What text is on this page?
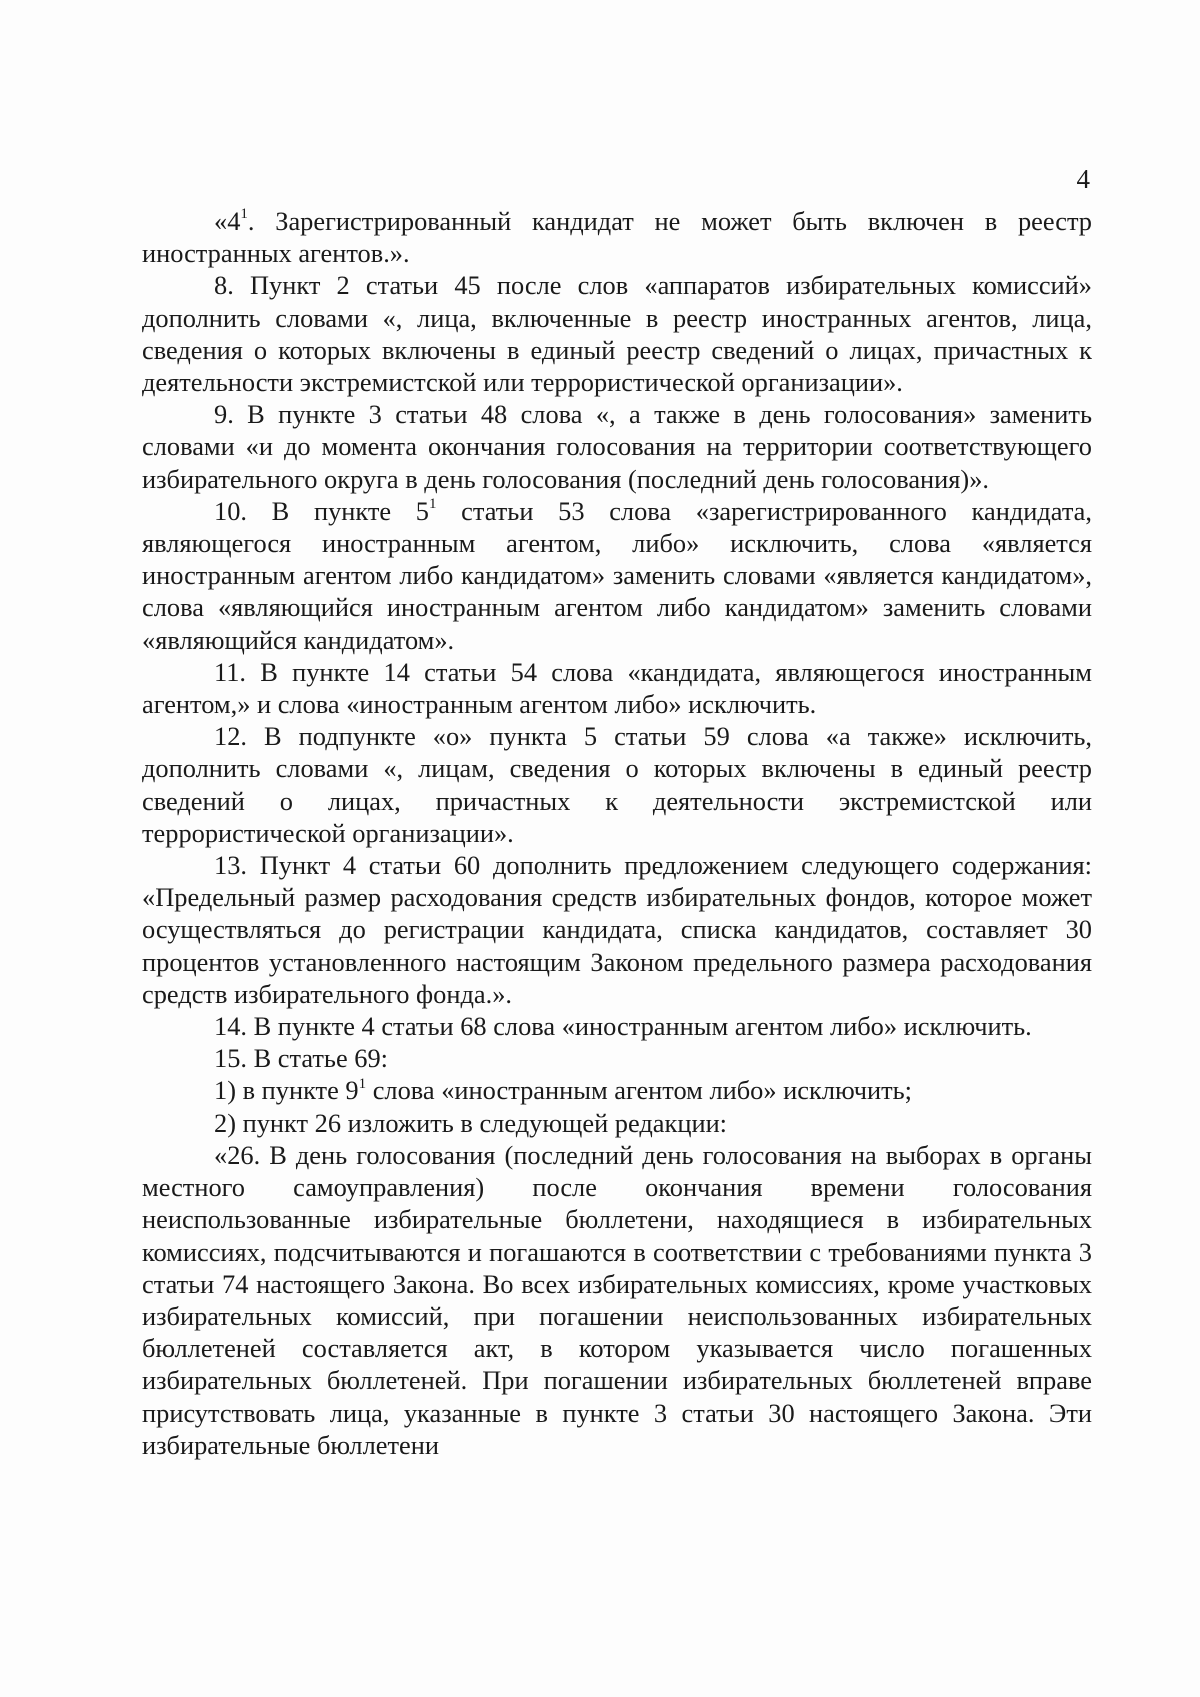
4

«$4^1$. Зарегистрированный кандидат не может быть включен в реестр иностранных агентов.».

8. Пункт 2 статьи 45 после слов «аппаратов избирательных комиссий» дополнить словами «, лица, включенные в реестр иностранных агентов, лица, сведения о которых включены в единый реестр сведений о лицах, причастных к деятельности экстремистской или террористической организации».

9. В пункте 3 статьи 48 слова «, а также в день голосования» заменить словами «и до момента окончания голосования на территории соответствующего избирательного округа в день голосования (последний день голосования)».

10. В пункте $5^1$ статьи 53 слова «зарегистрированного кандидата, являющегося иностранным агентом, либо» исключить, слова «является иностранным агентом либо кандидатом» заменить словами «является кандидатом», слова «являющийся иностранным агентом либо кандидатом» заменить словами «являющийся кандидатом».

11. В пункте 14 статьи 54 слова «кандидата, являющегося иностранным агентом,» и слова «иностранным агентом либо» исключить.

12. В подпункте «о» пункта 5 статьи 59 слова «а также» исключить, дополнить словами «, лицам, сведения о которых включены в единый реестр сведений о лицах, причастных к деятельности экстремистской или террористической организации».

13. Пункт 4 статьи 60 дополнить предложением следующего содержания: «Предельный размер расходования средств избирательных фондов, которое может осуществляться до регистрации кандидата, списка кандидатов, составляет 30 процентов установленного настоящим Законом предельного размера расходования средств избирательного фонда.».

14. В пункте 4 статьи 68 слова «иностранным агентом либо» исключить.

15. В статье 69:

1) в пункте $9^1$ слова «иностранным агентом либо» исключить;

2) пункт 26 изложить в следующей редакции:

«26. В день голосования (последний день голосования на выборах в органы местного самоуправления) после окончания времени голосования неиспользованные избирательные бюллетени, находящиеся в избирательных комиссиях, подсчитываются и погашаются в соответствии с требованиями пункта 3 статьи 74 настоящего Закона. Во всех избирательных комиссиях, кроме участковых избирательных комиссий, при погашении неиспользованных избирательных бюллетеней составляется акт, в котором указывается число погашенных избирательных бюллетеней. При погашении избирательных бюллетеней вправе присутствовать лица, указанные в пункте 3 статьи 30 настоящего Закона. Эти избирательные бюллетени
